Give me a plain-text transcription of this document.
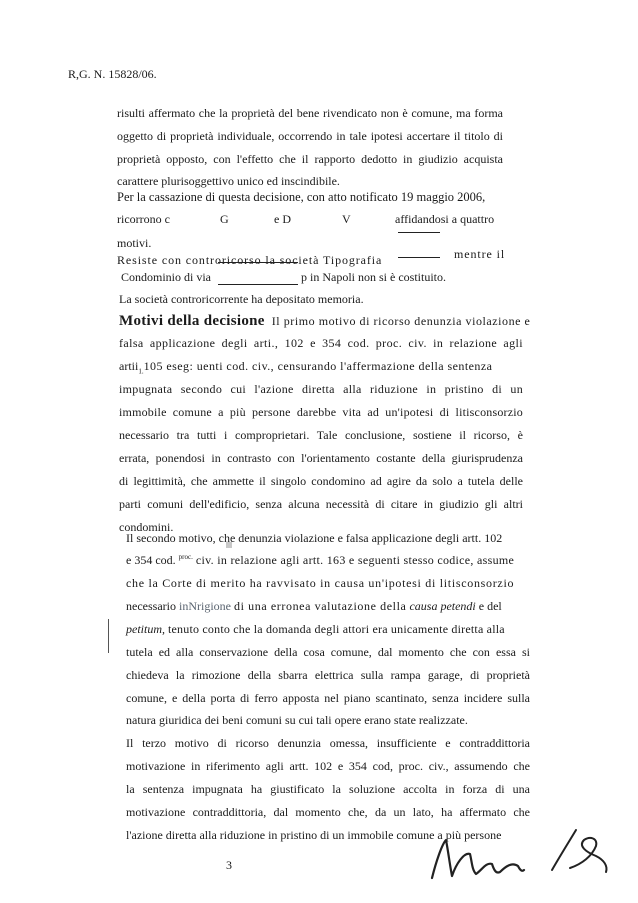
R,G. N. 15828/06.
risulti affermato che la proprietà del bene rivendicato non è comune, ma forma
oggetto di proprietà individuale, occorrendo in tale ipotesi accertare il titolo di
proprietà opposto, con l'effetto che il rapporto dedotto in giudizio acquista
carattere plurisoggettivo unico ed inscindibile.
Per la cassazione di questa decisione, con atto notificato 19 maggio 2006,
ricorrono c	G	e D	V	affidandosi a quattro
motivi.
Resiste con controricorso la società Tipografia	mentre il
Condominio di via	p in Napoli non si è costituito.
La società controricorrente ha depositato memoria.
Motivi della decisione Il primo motivo di ricorso denunzia violazione e
falsa applicazione degli arti., 102 e 354 cod. proc. civ. in relazione agli
artii$_{1.}$105 eseg: uenti cod. civ., censurando l'affermazione della sentenza
impugnata secondo cui l'azione diretta alla riduzione in pristino di un
immobile comune a più persone darebbe vita ad un'ipotesi di litisconsorzio
necessario tra tutti i comproprietari. Tale conclusione, sostiene il ricorso, è
errata, ponendosi in contrasto con l'orientamento costante della giurisprudenza
di legittimità, che ammette il singolo condomino ad agire da solo a tutela delle
parti comuni dell'edificio, senza alcuna necessità di citare in giudizio gli altri
condomini.
Il secondo motivo, che denunzia violazione e falsa applicazione degli artt. 102
e 354 cod. $^{proc.}$ civ. in relazione agli artt. 163 e seguenti stesso codice, assume
che la Corte di merito ha ravvisato in causa un'ipotesi di litisconsorzio
necessario inNrigione di una erronea valutazione della causa petendi e del
petitum, tenuto conto che la domanda degli attori era unicamente diretta alla
tutela ed alla conservazione della cosa comune, dal momento che con essa si
chiedeva la rimozione della sbarra elettrica sulla rampa garage, di proprietà
comune, e della porta di ferro apposta nel piano scantinato, senza incidere sulla
natura giuridica dei beni comuni su cui tali opere erano state realizzate.
Il terzo motivo di ricorso denunzia omessa, insufficiente e contraddittoria
motivazione in riferimento agli artt. 102 e 354 cod, proc. civ., assumendo che
la sentenza impugnata ha giustificato la soluzione accolta in forza di una
motivazione contraddittoria, dal momento che, da un lato, ha affermato che
l'azione diretta alla riduzione in pristino di un immobile comune a più persone
3
